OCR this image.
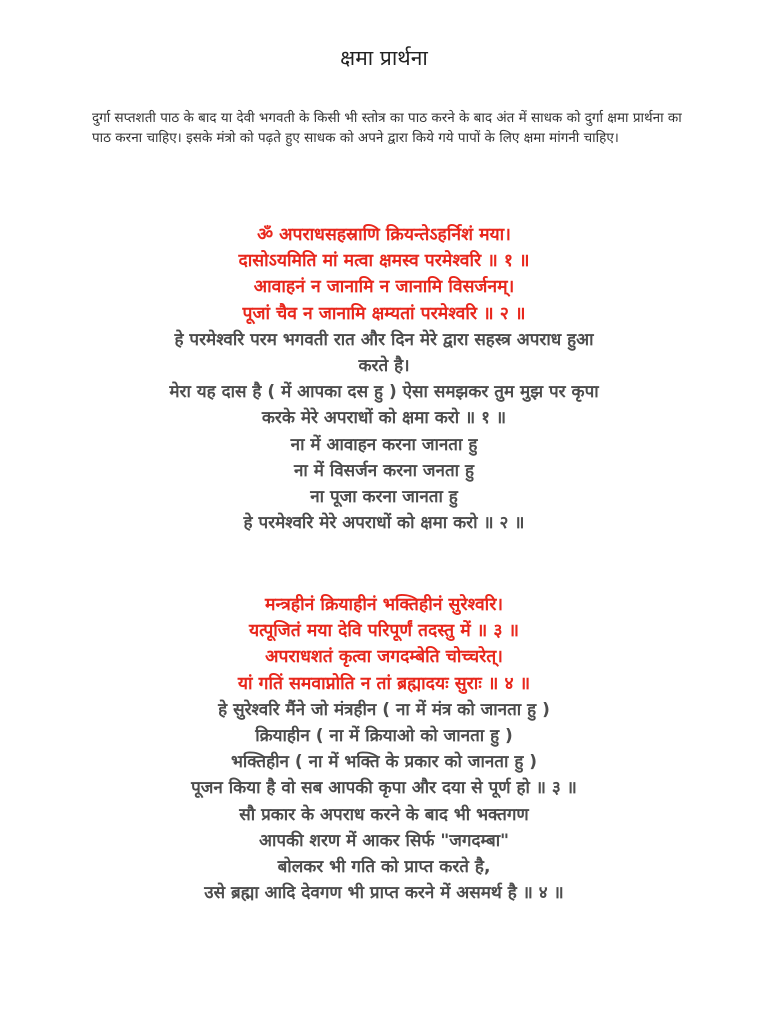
क्षमा प्रार्थना
दुर्गा सप्तशती पाठ के बाद या देवी भगवती के किसी भी स्तोत्र का पाठ करने के बाद अंत में साधक को दुर्गा क्षमा प्रार्थना का पाठ करना चाहिए। इसके मंत्रो को पढ़ते हुए साधक को अपने द्वारा किये गये पापों के लिए क्षमा मांगनी चाहिए।
ॐ अपराधसहस्राणि क्रियन्तेऽहर्निशं मया।
दासोऽयमिति मां मत्वा क्षमस्व परमेश्वरि ॥ १ ॥
आवाहनं न जानामि न जानामि विसर्जनम्।
पूजां चैव न जानामि क्षम्यतां परमेश्वरि ॥ २ ॥
हे परमेश्वरि परम भगवती रात और दिन मेरे द्वारा सहस्त्र अपराध हुआ
करते है।
मेरा यह दास है ( में आपका दस हु ) ऐसा समझकर तुम मुझ पर कृपा
करके मेरे अपराधों को क्षमा करो ॥ १ ॥
ना में आवाहन करना जानता हु
ना में विसर्जन करना जनता हु
ना पूजा करना जानता हु
हे परमेश्वरि मेरे अपराधों को क्षमा करो ॥ २ ॥
मन्त्रहीनं क्रियाहीनं भक्तिहीनं सुरेश्वरि।
यत्पूजितं मया देवि परिपूर्णं तदस्तु में ॥ ३ ॥
अपराधशतं कृत्वा जगदम्बेति चोच्चरेत्।
यां गतिं समवाप्नोति न तां ब्रह्मादयः सुराः ॥ ४ ॥
हे सुरेश्वरि मैंने जो मंत्रहीन ( ना में मंत्र को जानता हु )
क्रियाहीन ( ना में क्रियाओ को जानता हु )
भक्तिहीन ( ना में भक्ति के प्रकार को जानता हु )
पूजन किया है वो सब आपकी कृपा और दया से पूर्ण हो ॥ ३ ॥
सौ प्रकार के अपराध करने के बाद भी भक्तगण
आपकी शरण में आकर सिर्फ "जगदम्बा"
बोलकर भी गति को प्राप्त करते है,
उसे ब्रह्मा आदि देवगण भी प्राप्त करने में असमर्थ है ॥ ४ ॥
